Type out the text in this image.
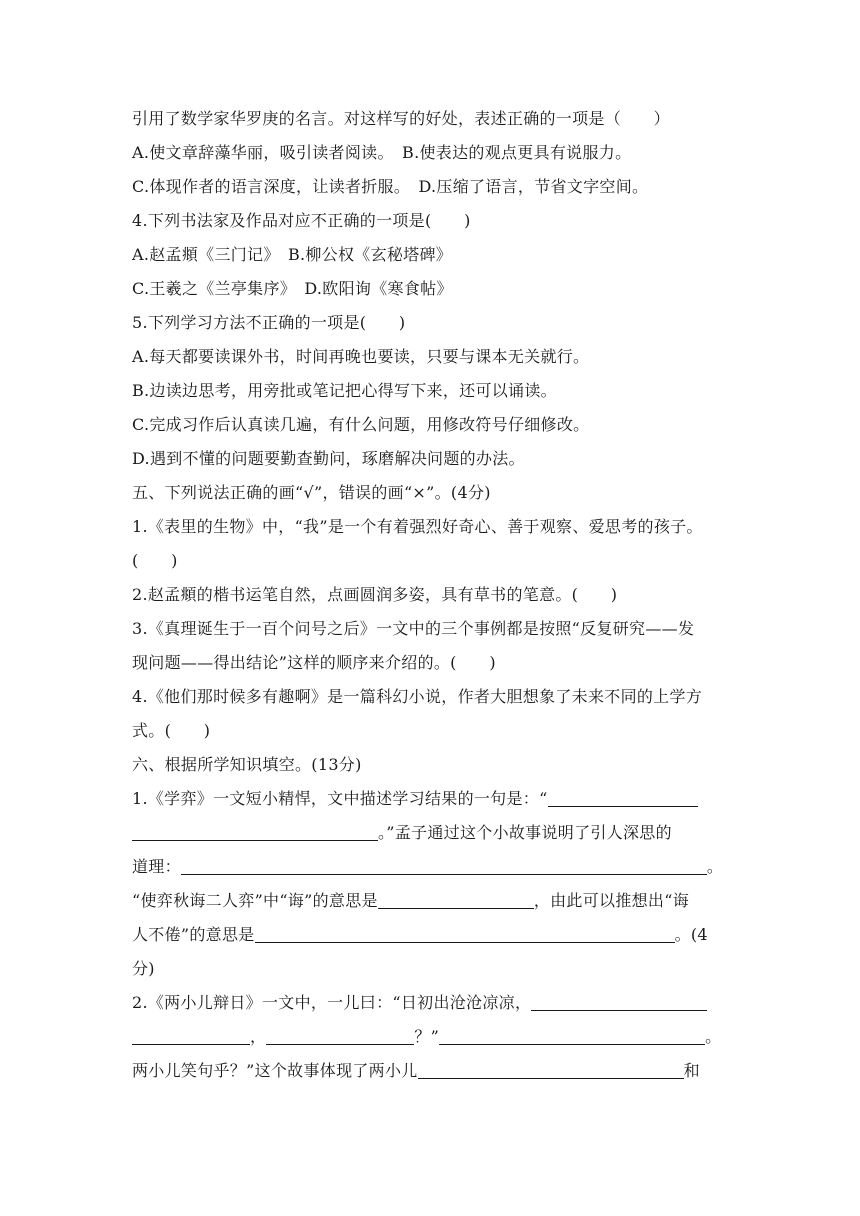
引用了数学家华罗庚的名言。对这样写的好处，表述正确的一项是（　　）
A.使文章辞藻华丽，吸引读者阅读。　B.使表达的观点更具有说服力。
C.体现作者的语言深度，让读者折服。　D.压缩了语言，节省文字空间。
4.下列书法家及作品对应不正确的一项是(　　)
A.赵孟頫《三门记》　B.柳公权《玄秘塔碑》
C.王羲之《兰亭集序》　D.欧阳询《寒食帖》
5.下列学习方法不正确的一项是(　　)
A.每天都要读课外书，时间再晚也要读，只要与课本无关就行。
B.边读边思考，用旁批或笔记把心得写下来，还可以诵读。
C.完成习作后认真读几遍，有什么问题，用修改符号仔细修改。
D.遇到不懂的问题要勤查勤问，琢磨解决问题的办法。
五、下列说法正确的画“√”，错误的画“×”。(4分)
1.《表里的生物》中，“我”是一个有着强烈好奇心、善于观察、爱思考的孩子。
(　　)
2.赵孟頫的楷书运笔自然，点画圆润多姿，具有草书的笔意。(　　)
3.《真理诞生于一百个问号之后》一文中的三个事例都是按照“反复研究——发
现问题——得出结论”这样的顺序来介绍的。(　　)
4.《他们那时候多有趣啊》是一篇科幻小说，作者大胆想象了未来不同的上学方
式。(　　)
六、根据所学知识填空。(13分)
1.《学弈》一文短小精悍，文中描述学习结果的一句是：“
。”孟子通过这个小故事说明了引人深思的
道理：	。
“使弈秋诲二人弈”中“诲”的意思是	，由此可以推想出“诲
人不倦”的意思是	。(4
分)
2.《两小儿辩日》一文中，一儿曰：“日初出沧沧凉凉，
，	？”	。
两小儿笑句乎？”这个故事体现了两小儿	和
